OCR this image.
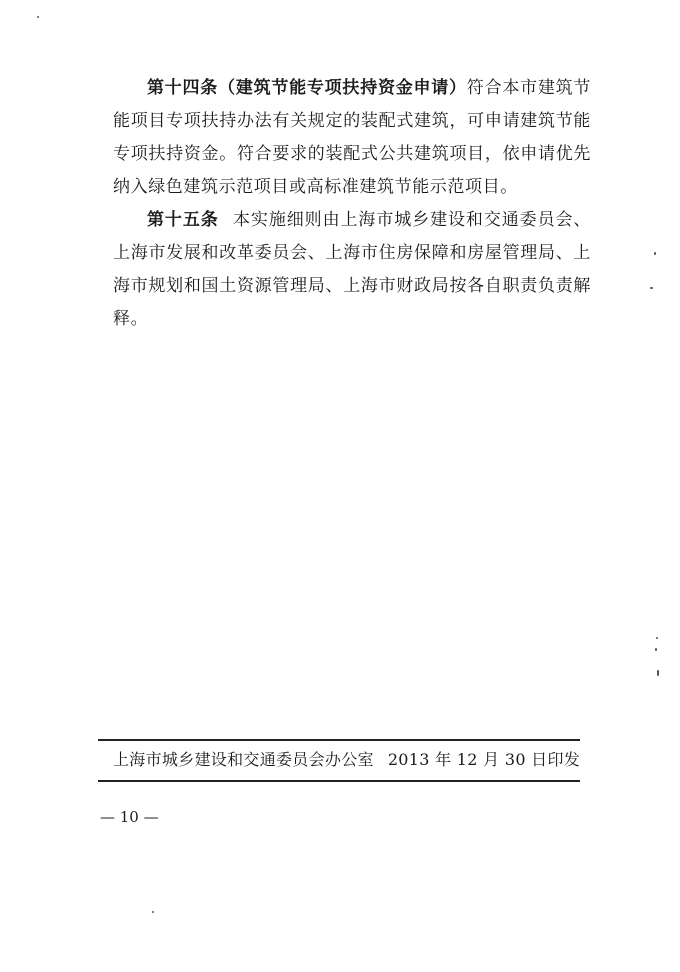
第十四条（建筑节能专项扶持资金申请）符合本市建筑节能项目专项扶持办法有关规定的装配式建筑，可申请建筑节能专项扶持资金。符合要求的装配式公共建筑项目，依申请优先纳入绿色建筑示范项目或高标准建筑节能示范项目。

第十五条 本实施细则由上海市城乡建设和交通委员会、上海市发展和改革委员会、上海市住房保障和房屋管理局、上海市规划和国土资源管理局、上海市财政局按各自职责负责解释。

上海市城乡建设和交通委员会办公室 2013 年 12 月 30 日印发
— 10 —
